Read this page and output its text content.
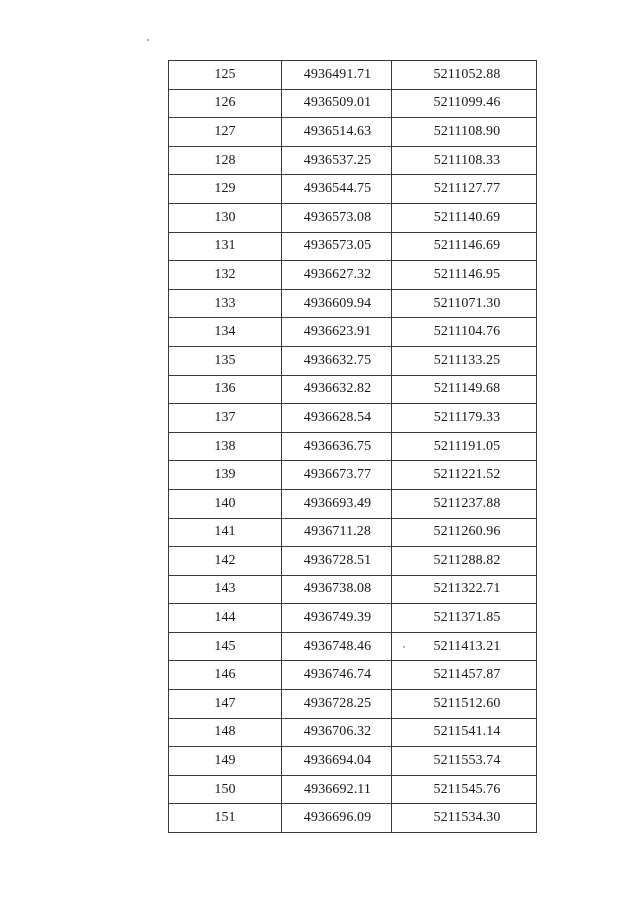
125	4936491.71	5211052.88
126	4936509.01	5211099.46
127	4936514.63	5211108.90
128	4936537.25	5211108.33
129	4936544.75	5211127.77
130	4936573.08	5211140.69
131	4936573.05	5211146.69
132	4936627.32	5211146.95
133	4936609.94	5211071.30
134	4936623.91	5211104.76
135	4936632.75	5211133.25
136	4936632.82	5211149.68
137	4936628.54	5211179.33
138	4936636.75	5211191.05
139	4936673.77	5211221.52
140	4936693.49	5211237.88
141	4936711.28	5211260.96
142	4936728.51	5211288.82
143	4936738.08	5211322.71
144	4936749.39	5211371.85
145	4936748.46	5211413.21
146	4936746.74	5211457.87
147	4936728.25	5211512.60
148	4936706.32	5211541.14
149	4936694.04	5211553.74
150	4936692.11	5211545.76
151	4936696.09	5211534.30
